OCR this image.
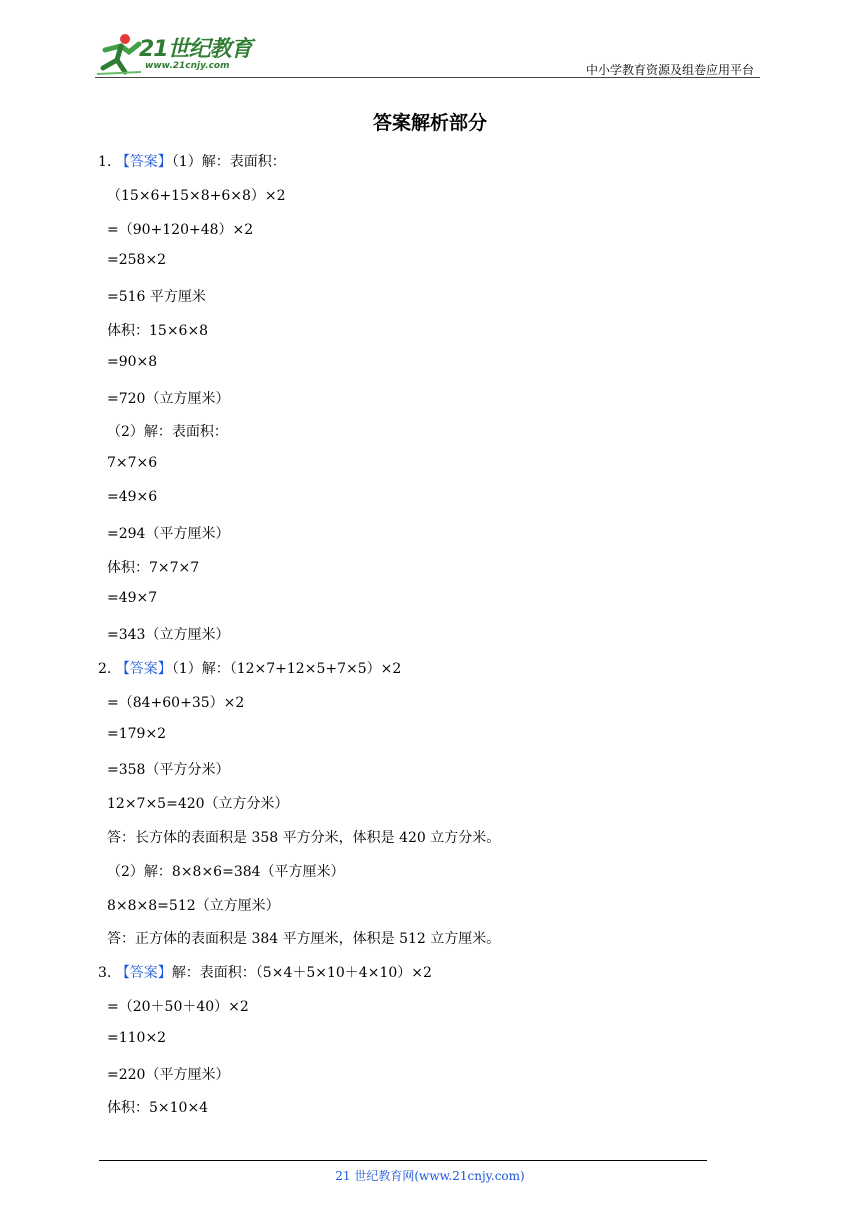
21世纪教育
www.21cnjy.com	中小学教育资源及组卷应用平台
答案解析部分
1. 【答案】（1）解：表面积：
（15×6+15×8+6×8）×2
=（90+120+48）×2
=258×2
=516 平方厘米
体积：15×6×8
=90×8
=720（立方厘米）
（2）解：表面积：
7×7×6
=49×6
=294（平方厘米）
体积：7×7×7
=49×7
=343（立方厘米）
2. 【答案】（1）解：（12×7+12×5+7×5）×2
=（84+60+35）×2
=179×2
=358（平方分米）
12×7×5=420（立方分米）
答：长方体的表面积是 358 平方分米，体积是 420 立方分米。
（2）解：8×8×6=384（平方厘米）
8×8×8=512（立方厘米）
答：正方体的表面积是 384 平方厘米，体积是 512 立方厘米。
3. 【答案】解：表面积：（5×4＋5×10＋4×10）×2
=（20＋50＋40）×2
=110×2
=220（平方厘米）
体积：5×10×4
21 世纪教育网(www.21cnjy.com)
